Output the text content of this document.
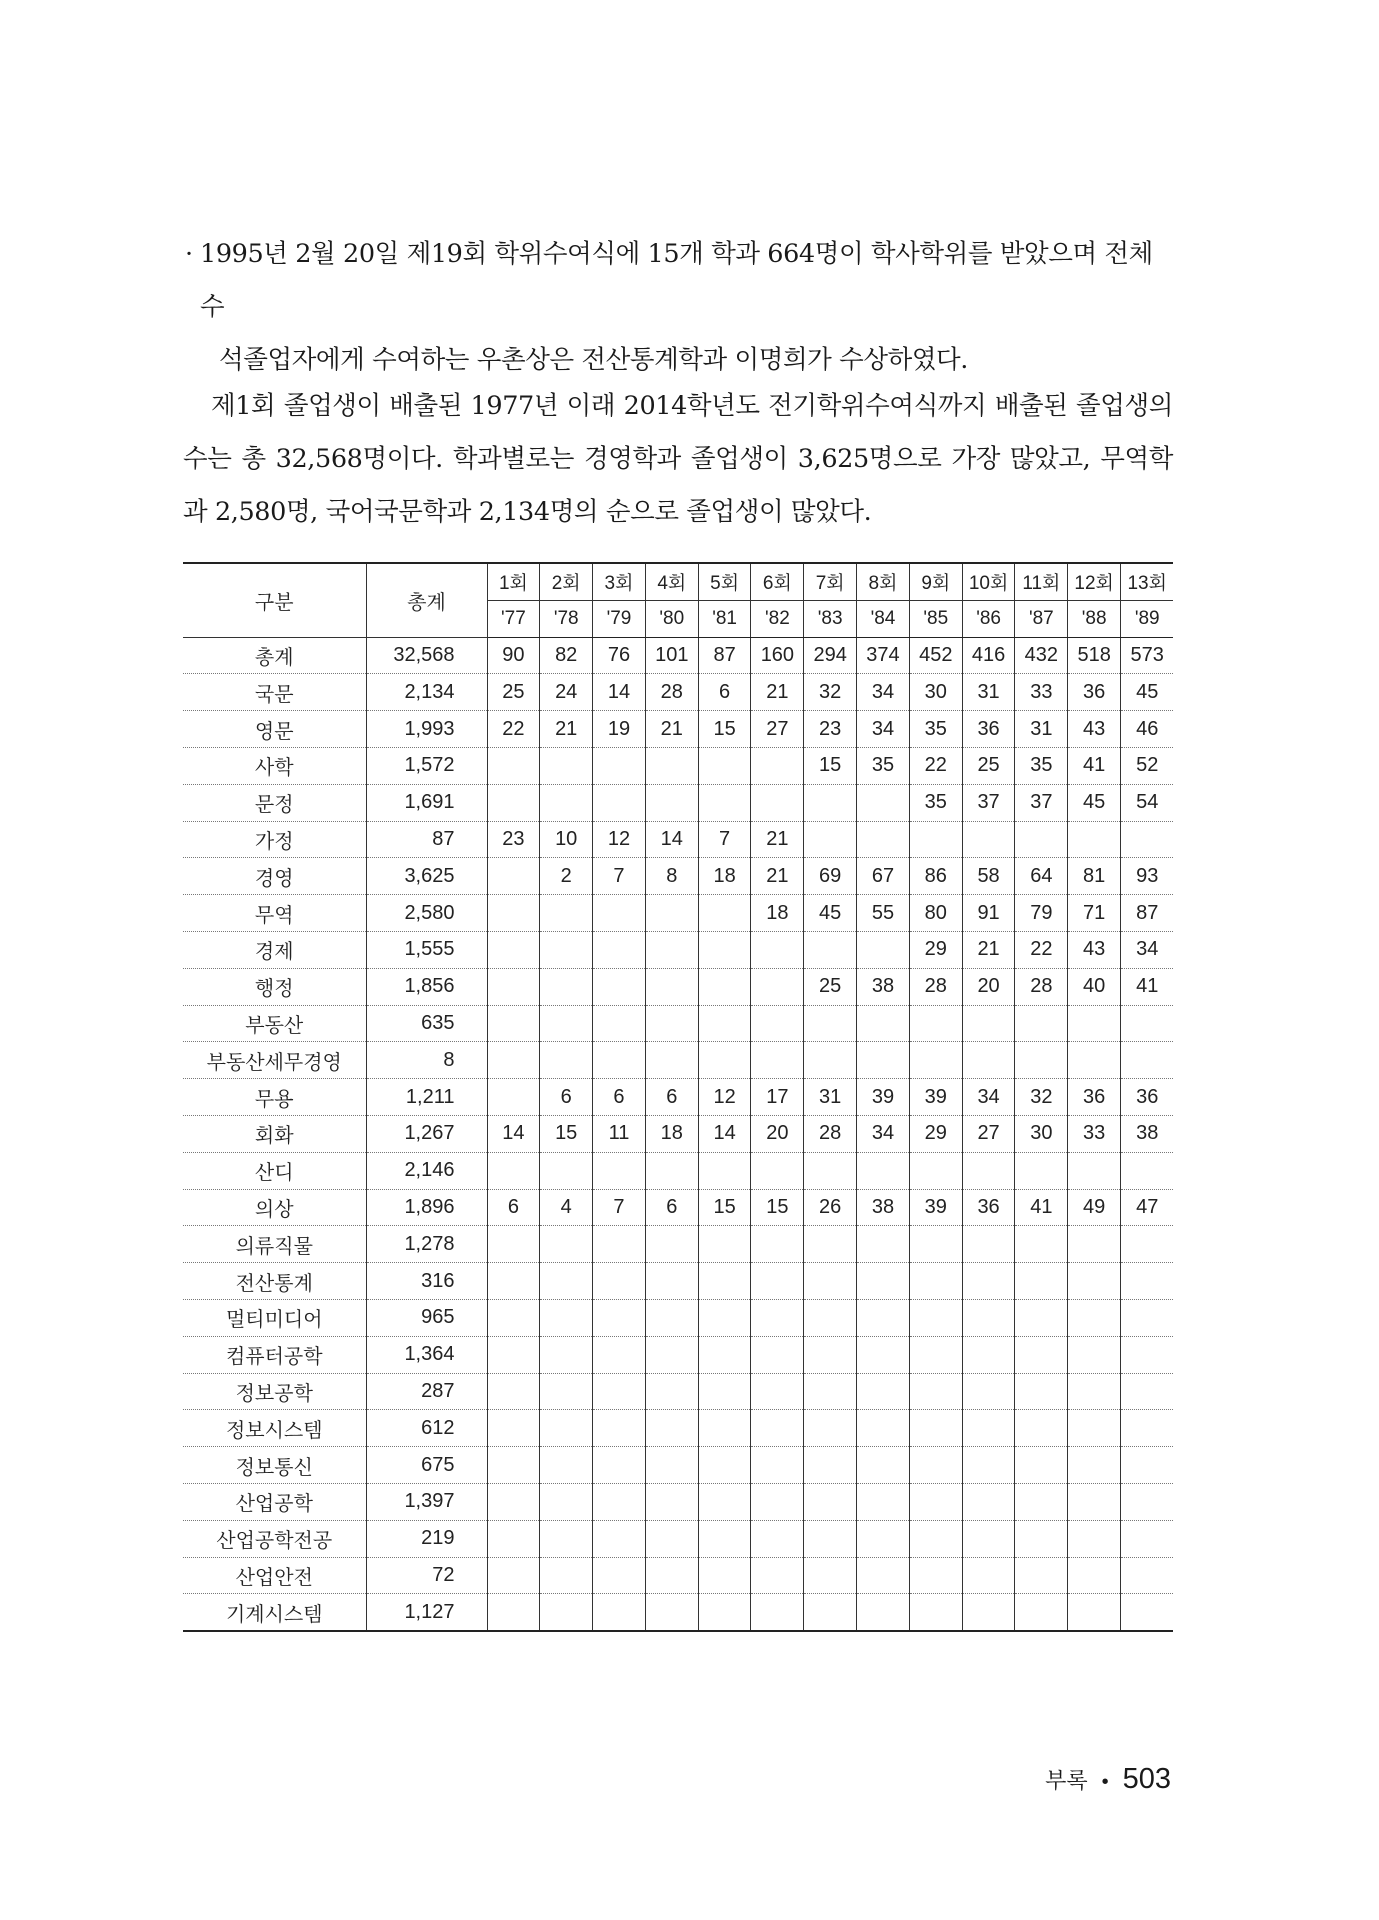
· 1995년 2월 20일 제19회 학위수여식에 15개 학과 664명이 학사학위를 받았으며 전체 수
석졸업자에게 수여하는 우촌상은 전산통계학과 이명희가 수상하였다.

제1회 졸업생이 배출된 1977년 이래 2014학년도 전기학위수여식까지 배출된 졸업생의 수는 총 32,568명이다. 학과별로는 경영학과 졸업생이 3,625명으로 가장 많았고, 무역학과 2,580명, 국어국문학과 2,134명의 순으로 졸업생이 많았다.

구분	총계	1회	2회	3회	4회	5회	6회	7회	8회	9회	10회	11회	12회	13회
		'77	'78	'79	'80	'81	'82	'83	'84	'85	'86	'87	'88	'89
총계	32,568	90	82	76	101	87	160	294	374	452	416	432	518	573
국문	2,134	25	24	14	28	6	21	32	34	30	31	33	36	45
영문	1,993	22	21	19	21	15	27	23	34	35	36	31	43	46
사학	1,572							15	35	22	25	35	41	52
문정	1,691									35	37	37	45	54
가정	87	23	10	12	14	7	21							
경영	3,625		2	7	8	18	21	69	67	86	58	64	81	93
무역	2,580						18	45	55	80	91	79	71	87
경제	1,555									29	21	22	43	34
행정	1,856							25	38	28	20	28	40	41
부동산	635													
부동산세무경영	8													
무용	1,211		6	6	6	12	17	31	39	39	34	32	36	36
회화	1,267	14	15	11	18	14	20	28	34	29	27	30	33	38
산디	2,146													
의상	1,896	6	4	7	6	15	15	26	38	39	36	41	49	47
의류직물	1,278													
전산통계	316													
멀티미디어	965													
컴퓨터공학	1,364													
정보공학	287													
정보시스템	612													
정보통신	675													
산업공학	1,397													
산업공학전공	219													
산업안전	72													
기계시스템	1,127													
부록 • 503
